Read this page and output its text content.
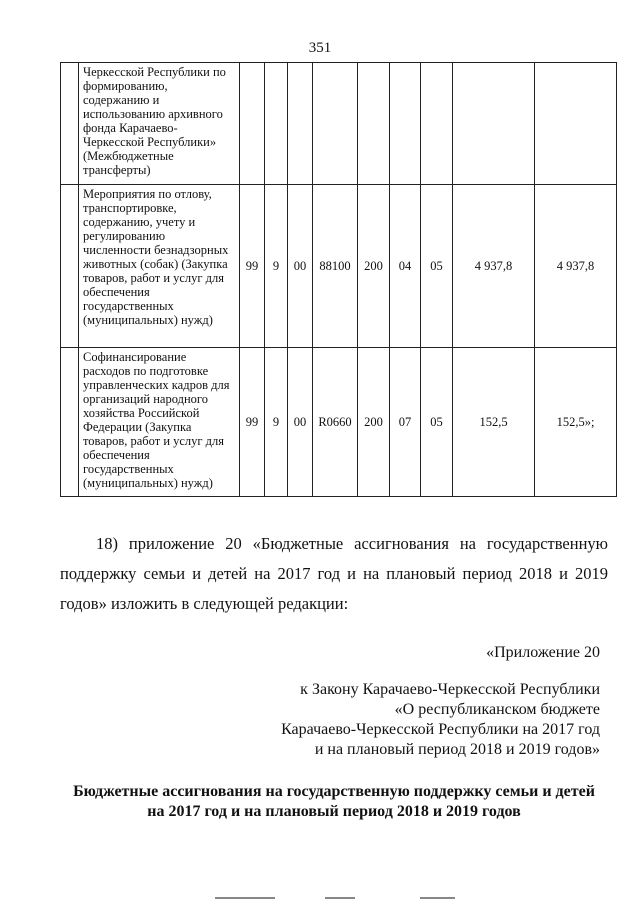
351
	Черкесской Республики по формированию, содержанию и использованию архивного фонда Карачаево-Черкесской Республики» (Межбюджетные трансферты)									
	Мероприятия по отлову, транспортировке, содержанию, учету и регулированию численности безнадзорных животных (собак) (Закупка товаров, работ и услуг для обеспечения государственных (муниципальных) нужд)	99	9	00	88100	200	04	05	4 937,8	4 937,8
	Софинансирование расходов по подготовке управленческих кадров для организаций народного хозяйства Российской Федерации (Закупка товаров, работ и услуг для обеспечения государственных (муниципальных) нужд)	99	9	00	R0660	200	07	05	152,5	152,5»;

18) приложение 20 «Бюджетные ассигнования на государственную поддержку семьи и детей на 2017 год и на плановый период 2018 и 2019 годов» изложить в следующей редакции:

«Приложение 20
к Закону Карачаево-Черкесской Республики
«О республиканском бюджете
Карачаево-Черкесской Республики на 2017 год
и на плановый период 2018 и 2019 годов»
Бюджетные ассигнования на государственную поддержку семьи и детей
на 2017 год и на плановый период 2018 и 2019 годов
